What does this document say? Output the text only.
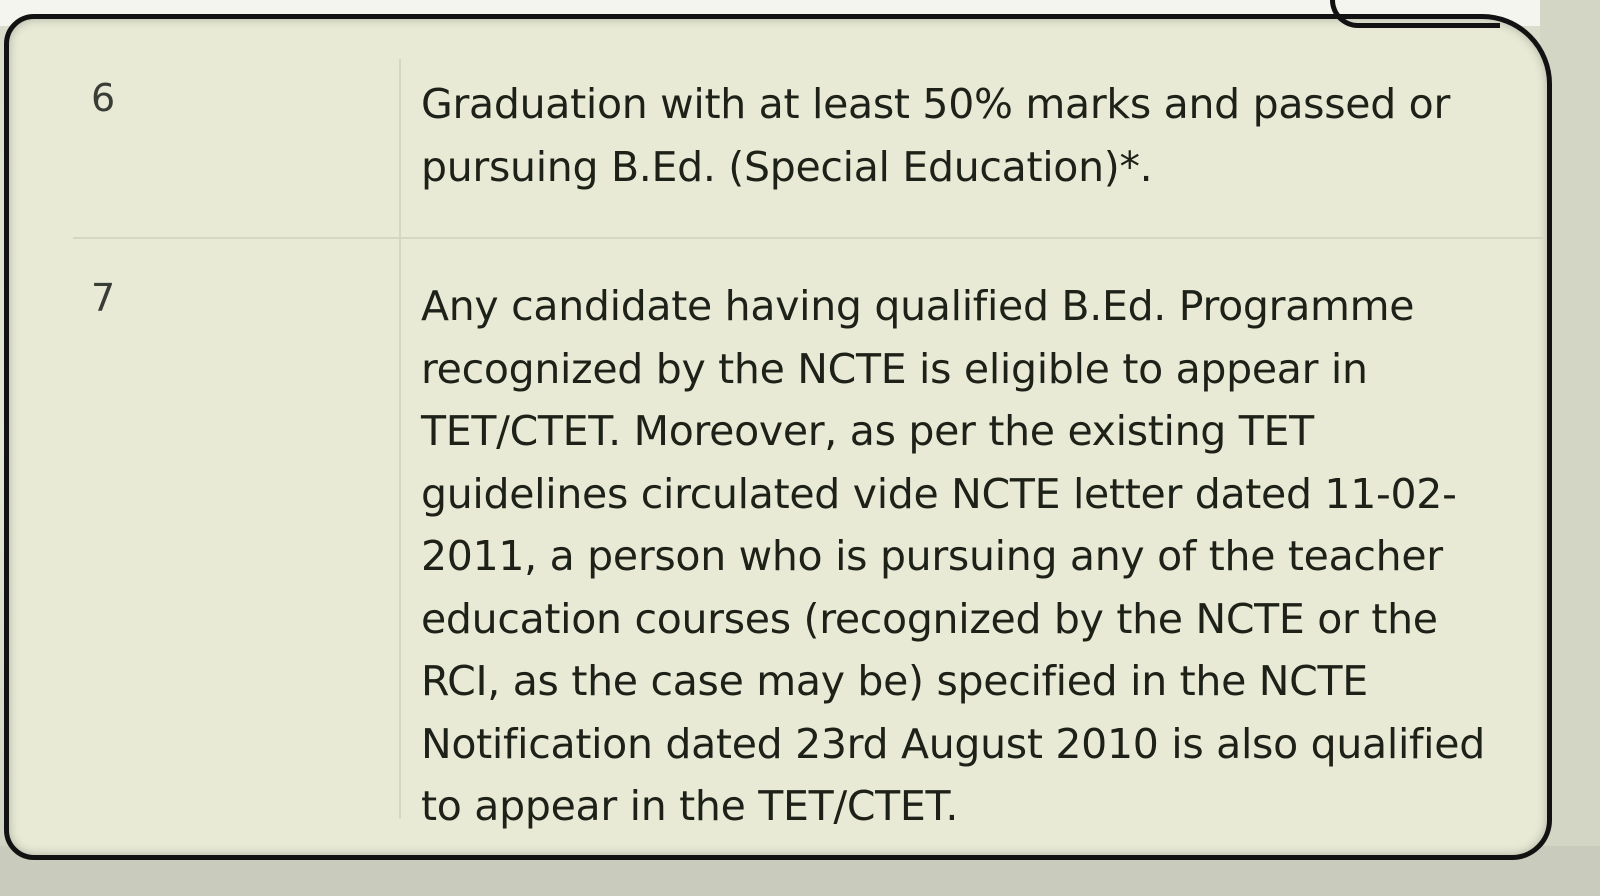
6	Graduation with at least 50% marks and passed or
pursuing B.Ed. (Special Education)*.
7	Any candidate having qualified B.Ed. Programme
recognized by the NCTE is eligible to appear in
TET/CTET. Moreover, as per the existing TET
guidelines circulated vide NCTE letter dated 11-02-
2011, a person who is pursuing any of the teacher
education courses (recognized by the NCTE or the
RCI, as the case may be) specified in the NCTE
Notification dated 23rd August 2010 is also qualified
to appear in the TET/CTET.
